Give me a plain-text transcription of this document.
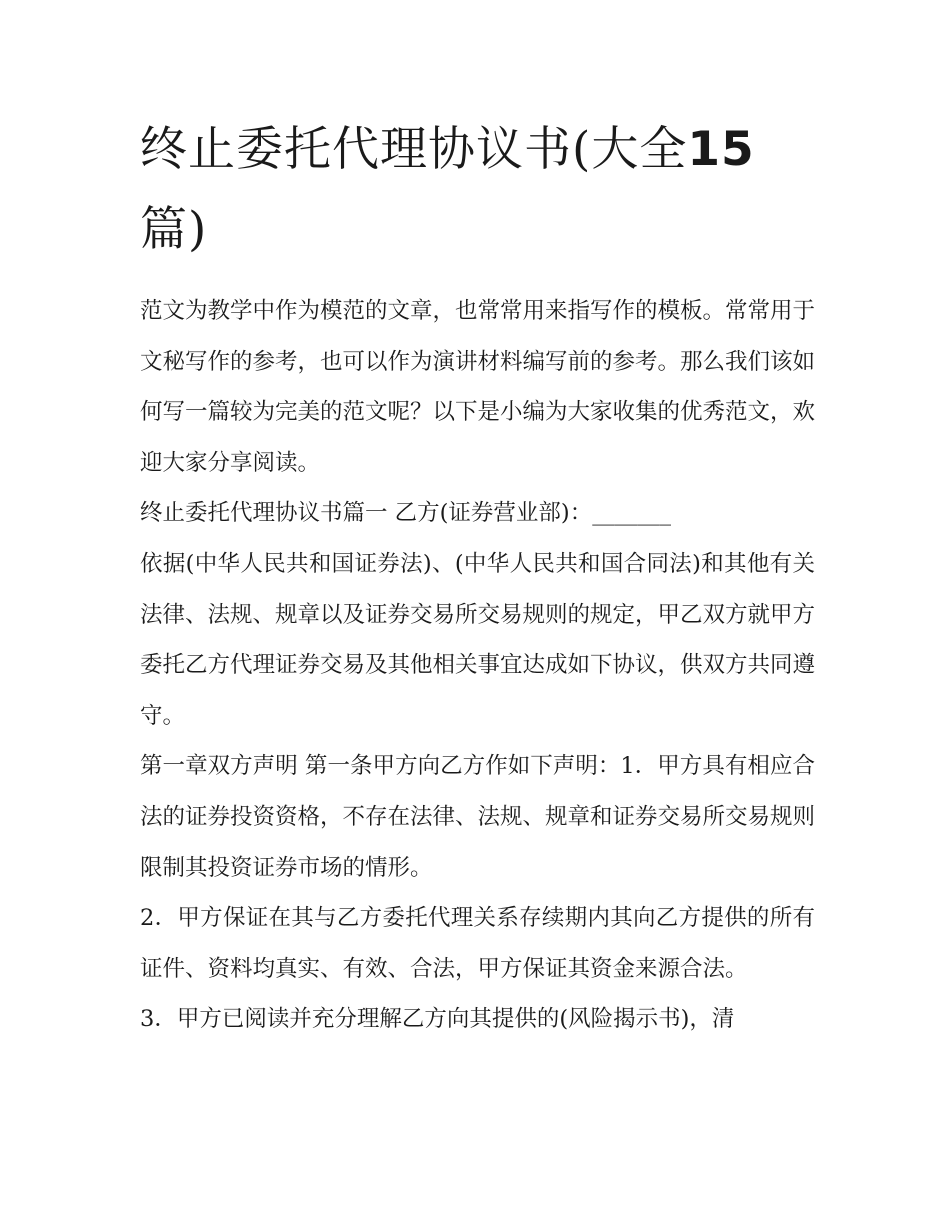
终止委托代理协议书(大全15
篇)

范文为教学中作为模范的文章，也常常用来指写作的模板。常常用于文秘写作的参考，也可以作为演讲材料编写前的参考。那么我们该如何写一篇较为完美的范文呢？以下是小编为大家收集的优秀范文，欢迎大家分享阅读。

终止委托代理协议书篇一 乙方(证券营业部)：_______

依据(中华人民共和国证券法)、(中华人民共和国合同法)和其他有关法律、法规、规章以及证券交易所交易规则的规定，甲乙双方就甲方委托乙方代理证券交易及其他相关事宜达成如下协议，供双方共同遵守。

第一章双方声明 第一条甲方向乙方作如下声明：1．甲方具有相应合法的证券投资资格，不存在法律、法规、规章和证券交易所交易规则限制其投资证券市场的情形。

2．甲方保证在其与乙方委托代理关系存续期内其向乙方提供的所有证件、资料均真实、有效、合法，甲方保证其资金来源合法。

3．甲方已阅读并充分理解乙方向其提供的(风险揭示书)，清
